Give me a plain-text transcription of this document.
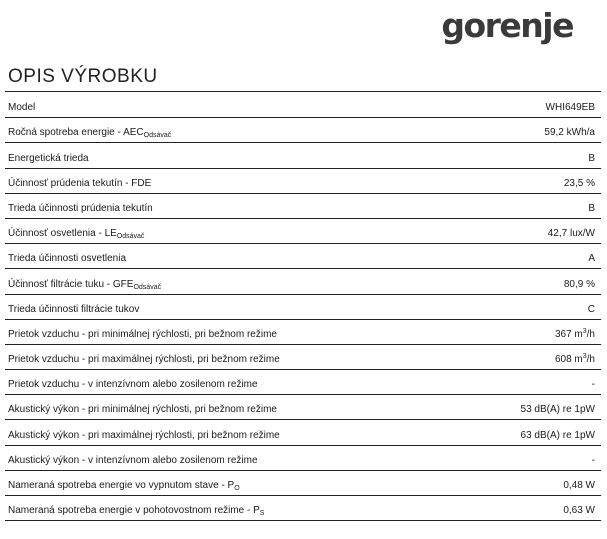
gorenje
OPIS VÝROBKU
Model	WHI649EB
Ročná spotreba energie - $AEC_{Odsávač}$	59,2 kWh/a
Energetická trieda	B
Účinnosť prúdenia tekutín - FDE	23,5 %
Trieda účinnosti prúdenia tekutín	B
Účinnosť osvetlenia - $LE_{Odsávač}$	42,7 lux/W
Trieda účinnosti osvetlenia	A
Účinnosť filtrácie tuku - $GFE_{Odsávač}$	80,9 %
Trieda účinnosti filtrácie tukov	C
Prietok vzduchu - pri minimálnej rýchlosti, pri bežnom režime	367 $m^3/h$
Prietok vzduchu - pri maximálnej rýchlosti, pri bežnom režime	608 $m^3/h$
Prietok vzduchu - v intenzívnom alebo zosilenom režime	-
Akustický výkon - pri minimálnej rýchlosti, pri bežnom režime	53 dB(A) re 1pW
Akustický výkon - pri maximálnej rýchlosti, pri bežnom režime	63 dB(A) re 1pW
Akustický výkon - v intenzívnom alebo zosilenom režime	-
Nameraná spotreba energie vo vypnutom stave - $P_O$	0,48 W
Nameraná spotreba energie v pohotovostnom režime - $P_S$	0,63 W
